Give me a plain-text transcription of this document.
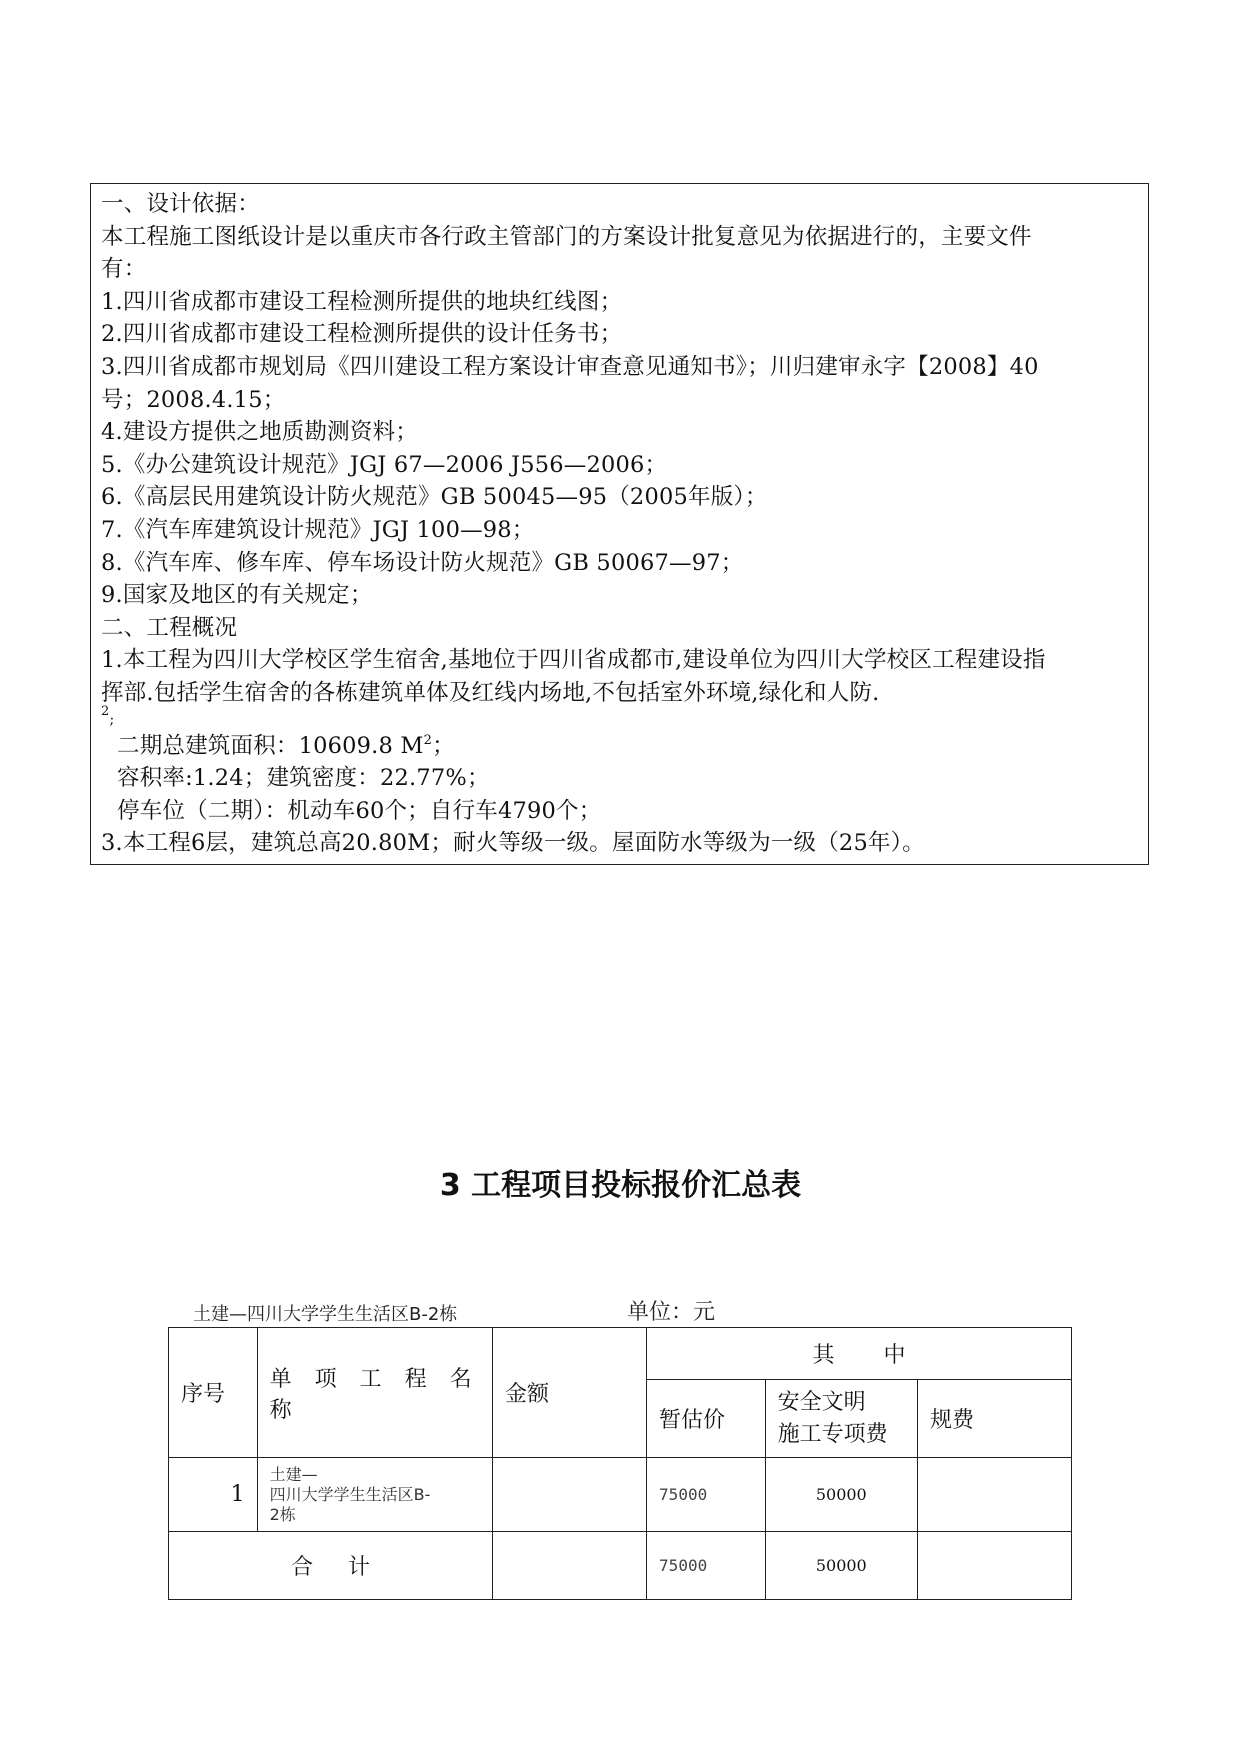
一、设计依据：
本工程施工图纸设计是以重庆市各行政主管部门的方案设计批复意见为依据进行的，主要文件
有：
1.四川省成都市建设工程检测所提供的地块红线图；
2.四川省成都市建设工程检测所提供的设计任务书；
3.四川省成都市规划局《四川建设工程方案设计审查意见通知书》；川归建审永字【2008】40
号；2008.4.15；
4.建设方提供之地质勘测资料；
5.《办公建筑设计规范》JGJ 67—2006 J556—2006；
6.《高层民用建筑设计防火规范》GB 50045—95（2005年版）；
7.《汽车库建筑设计规范》JGJ 100—98；
8.《汽车库、修车库、停车场设计防火规范》GB 50067—97；
9.国家及地区的有关规定；
二、工程概况
1.本工程为四川大学校区学生宿舍,基地位于四川省成都市,建设单位为四川大学校区工程建设指
挥部.包括学生宿舍的各栋建筑单体及红线内场地,不包括室外环境,绿化和人防.
$^2$;
二期总建筑面积：10609.8 $M^2$；
容积率:1.24；建筑密度：22.77%；
停车位（二期）：机动车60个；自行车4790个；
3.本工程6层，建筑总高20.80M；耐火等级一级。屋面防水等级为一级（25年）。
3 工程项目投标报价汇总表
土建—四川大学学生生活区B-2栋	单位：元
序号	单 项 工 程 名 称	金额	其       中		
			暂估价	安全文明
施工专项费	规费
1	土建—
四川大学学生生活区B-
2栋		75000	50000	
合     计			75000	50000	
